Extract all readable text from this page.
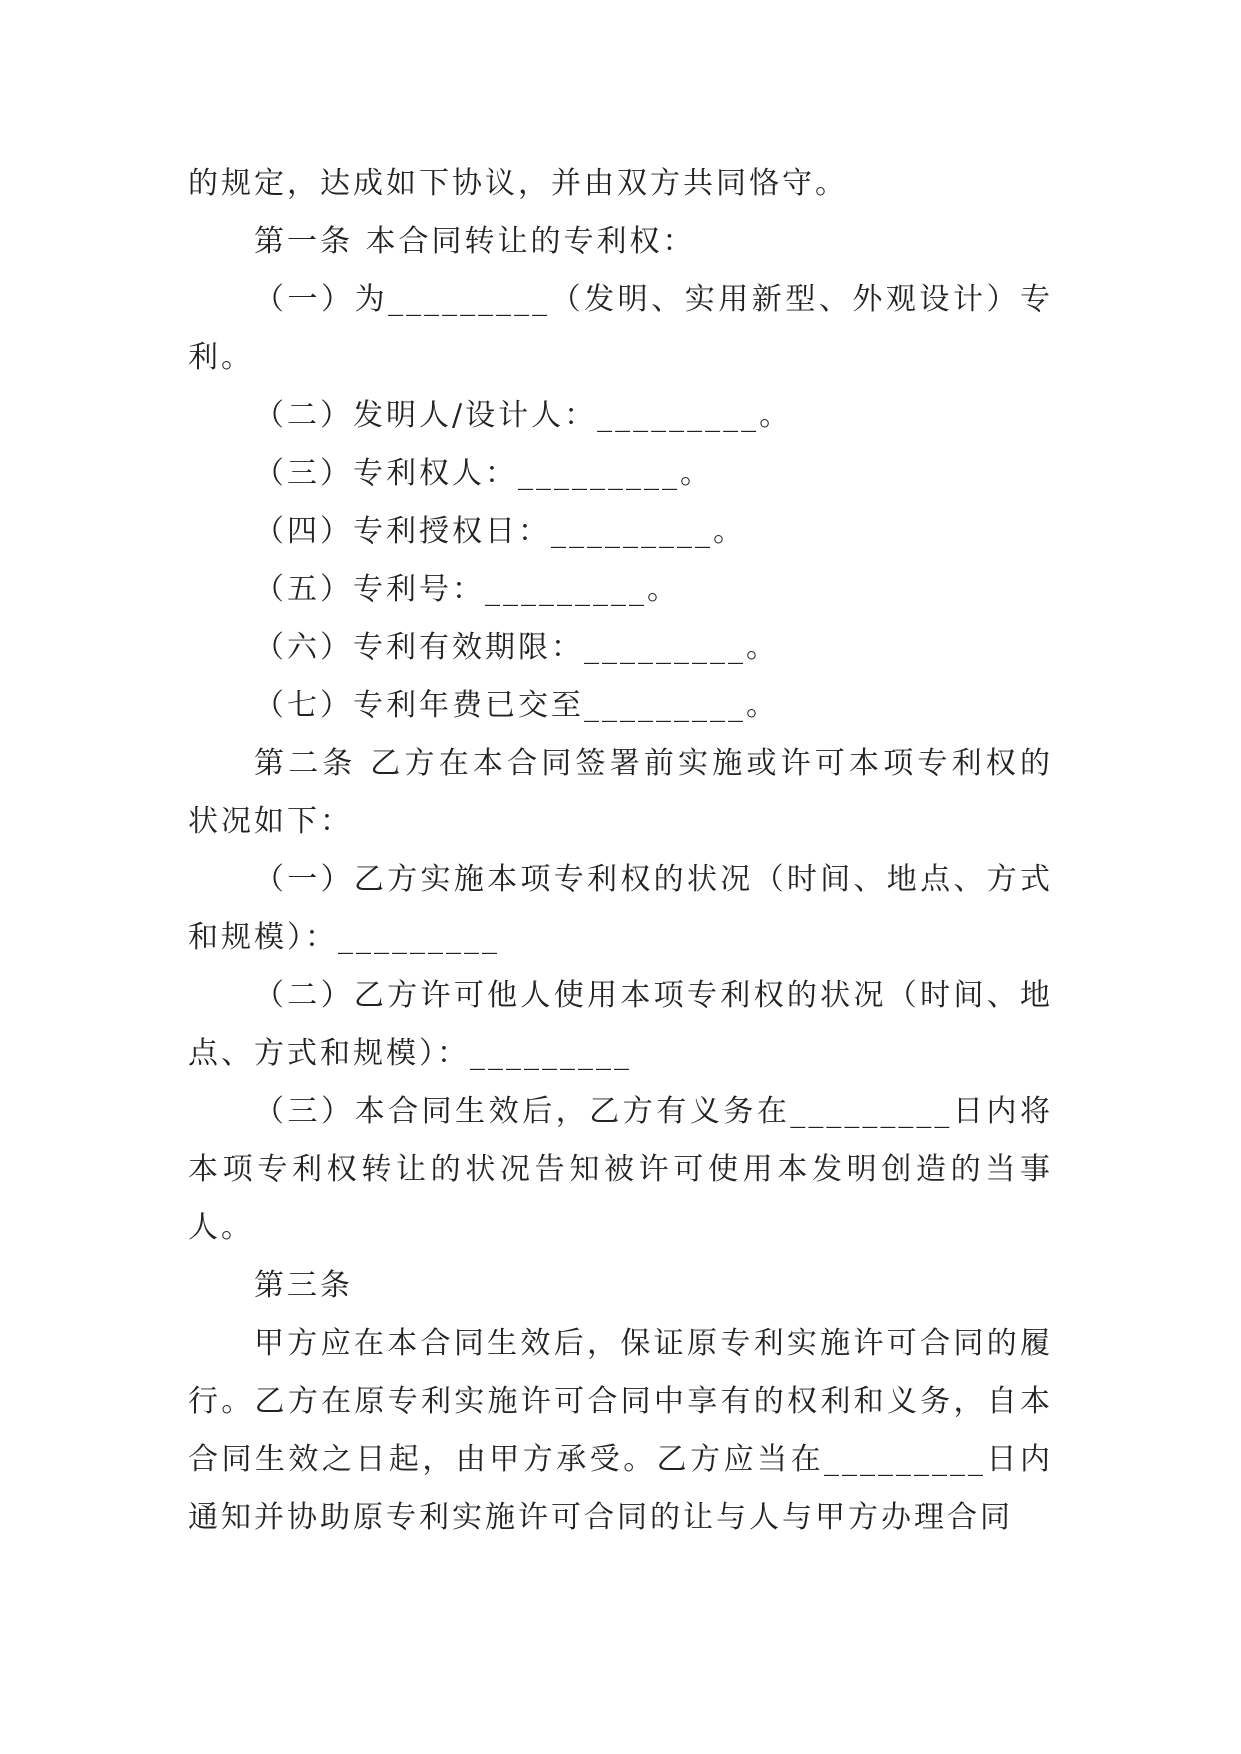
的规定，达成如下协议，并由双方共同恪守。

第一条 本合同转让的专利权：

（一）为_________（发明、实用新型、外观设计）专利。

（二）发明人/设计人：_________。

（三）专利权人：_________。

（四）专利授权日：_________。

（五）专利号：_________。

（六）专利有效期限：_________。

（七）专利年费已交至_________。

第二条 乙方在本合同签署前实施或许可本项专利权的状况如下：

（一）乙方实施本项专利权的状况（时间、地点、方式和规模）：_________

（二）乙方许可他人使用本项专利权的状况（时间、地点、方式和规模）：_________

（三）本合同生效后，乙方有义务在_________日内将本项专利权转让的状况告知被许可使用本发明创造的当事人。

第三条

甲方应在本合同生效后，保证原专利实施许可合同的履行。乙方在原专利实施许可合同中享有的权利和义务，自本合同生效之日起，由甲方承受。乙方应当在_________日内通知并协助原专利实施许可合同的让与人与甲方办理合同
